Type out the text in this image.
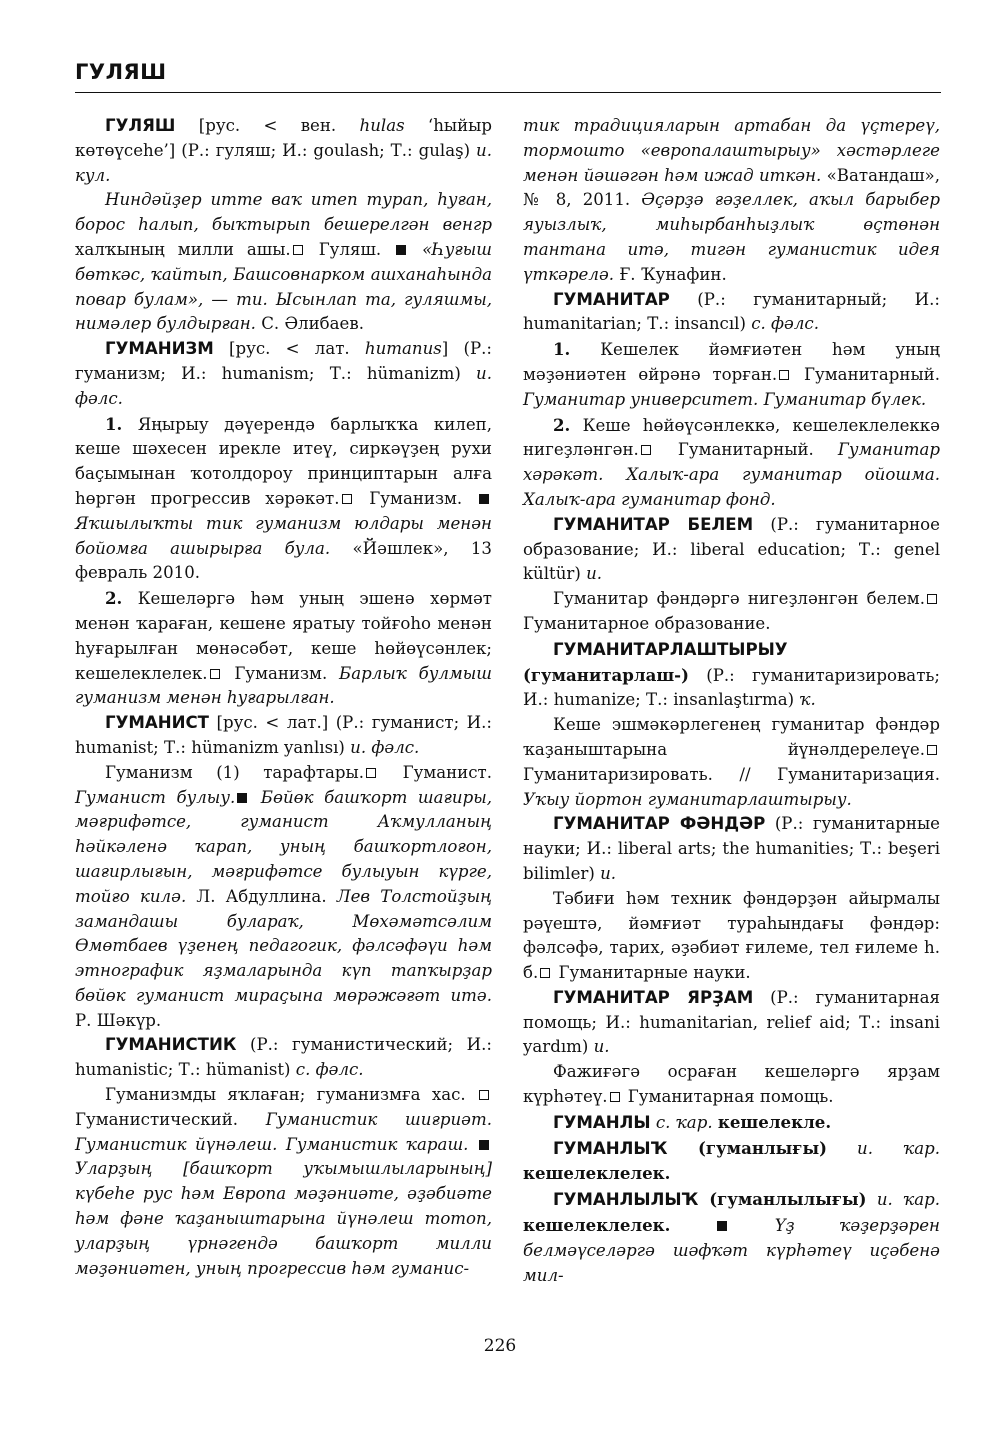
ГУЛЯШ

ГУЛЯШ [рус. < вен. hulas ‘һыйыр көтөүсеһе’] (Р.: гуляш; И.: goulash; Т.: gulaş) и. кул.

Ниндәйҙер итте ваҡ итеп турап, һуған, борос һалып, быҡтырып бешерелгән венгр халҡының милли ашы. Гуляш.  «Һуғыш бөткәс, ҡайтып, Башсовнарком ашханаһында повар булам», — ти. Ысынлап та, гуляшмы, нимәлер булдырған. С. Әлибаев.

ГУМАНИЗМ [рус. < лат. humanus] (Р.: гуманизм; И.: humanism; Т.: hümanizm) и. фәлс.

1. Яңырыу дәүерендә барлыҡҡа килеп, кеше шәхесен ирекле итеү, сиркәүҙең рухи баҫымынан ҡотолдороу принциптарын алға һөргән прогрессив хәрәкәт. Гуманизм.  Яҡшылыҡты тик гуманизм юлдары менән бойомға ашырырға була. «Йәшлек», 13 февраль 2010.

2. Кешеләргә һәм уның эшенә хөрмәт менән ҡараған, кешене яратыу тойғоһо менән һуғарылған мөнәсәбәт, кеше һөйөүсәнлек; кешелеклелек. Гуманизм. Барлыҡ булмыш гуманизм менән һуғарылған.

ГУМАНИСТ [рус. < лат.] (Р.: гуманист; И.: humanist; Т.: hümanizm yanlısı) и. фәлс.

Гуманизм (1) тарафтары. Гуманист. Гуманист булыу. Бөйөк башҡорт шағиры, мәғрифәтсе, гуманист Аҡмулланың һәйкәленә ҡарап, уның башҡортлоғон, шағирлығын, мәғрифәтсе булыуын күрге, тойғо килә. Л. Абдуллина. Лев Толстойҙың замандашы булараҡ, Мөхәмәтсәлим Өмөтбаев үҙенең педагогик, фәлсәфәүи һәм этнографик яҙмаларында күп тапҡырҙар бөйөк гуманист мираҫына мөрәжәғәт итә. Р. Шәкүр.

ГУМАНИСТИК (Р.: гуманистический; И.: humanistic; Т.: hümanist) с. фәлс.

Гуманизмды яҡлаған; гуманизмға хас.  Гуманистический. Гуманистик шиғриәт. Гуманистик йүнәлеш. Гуманистик ҡараш.  Уларҙың [башҡорт уҡымышлыларының] күбеһе рус һәм Европа мәҙәниәте, әҙәбиәте һәм фәне ҡаҙаныштарына йүнәлеш тотоп, уларҙың үрнәгендә башҡорт милли мәҙәниәтен, уның прогрессив һәм гуманис-

тик традицияларын артабан да үҫтереү, тормошто «европалаштырыу» хәстәрлеге менән йәшәгән һәм ижад иткән. «Ватандаш», № 8, 2011. Әҫәрҙә ғәҙеллек, аҡыл барыбер яуызлыҡ, миһырбанһыҙлыҡ өҫтөнән тантана итә, тигән гуманистик идея үткәрелә. Ғ. Ҡунафин.

ГУМАНИТАР (Р.: гуманитарный; И.: humanitarian; Т.: insancıl) с. фәлс.

1. Кешелек йәмғиәтен һәм уның мәҙәниәтен өйрәнә торған. Гуманитарный. Гуманитар университет. Гуманитар бүлек.

2. Кеше һөйөүсәнлеккә, кешелеклелеккә нигеҙләнгән. Гуманитарный. Гуманитар хәрәкәт. Халыҡ-ара гуманитар ойошма. Халыҡ-ара гуманитар фонд.

ГУМАНИТАР БЕЛЕМ (Р.: гуманитарное образование; И.: liberal education; Т.: genel kültür) и.

Гуманитар фәндәргә нигеҙләнгән белем. Гуманитарное образование.

ГУМАНИТАРЛАШТЫРЫУ (гуманитарлаш-) (Р.: гуманитаризировать; И.: humanize; Т.: insanlaştırma) ҡ.

Кеше эшмәкәрлегенең гуманитар фәндәр ҡаҙаныштарына йүнәлдерелеүе. Гуманитаризировать. // Гуманитаризация. Уҡыу йортон гуманитарлаштырыу.

ГУМАНИТАР ФӘНДӘР (Р.: гуманитарные науки; И.: liberal arts; the humanities; Т.: beşeri bilimler) и.

Тәбиғи һәм техник фәндәрҙән айырмалы рәүештә, йәмғиәт тураһындағы фәндәр: фәлсәфә, тарих, әҙәбиәт ғилеме, тел ғилеме һ. б. Гуманитарные науки.

ГУМАНИТАР ЯРҘАМ (Р.: гуманитарная помощь; И.: humanitarian, relief aid; Т.: insani yardım) и.

Фажиғәгә осраған кешеләргә ярҙам күрһәтеү. Гуманитарная помощь.

ГУМАНЛЫ с. ҡар. кешелекле.

ГУМАНЛЫҠ (гуманлығы) и. ҡар. кешелеклелек.

ГУМАНЛЫЛЫҠ (гуманлылығы) и. ҡар. кешелеклелек.	Үҙ ҡәҙерҙәрен белмәүселәргә шәфҡәт күрһәтеү иҫәбенә мил-

226
